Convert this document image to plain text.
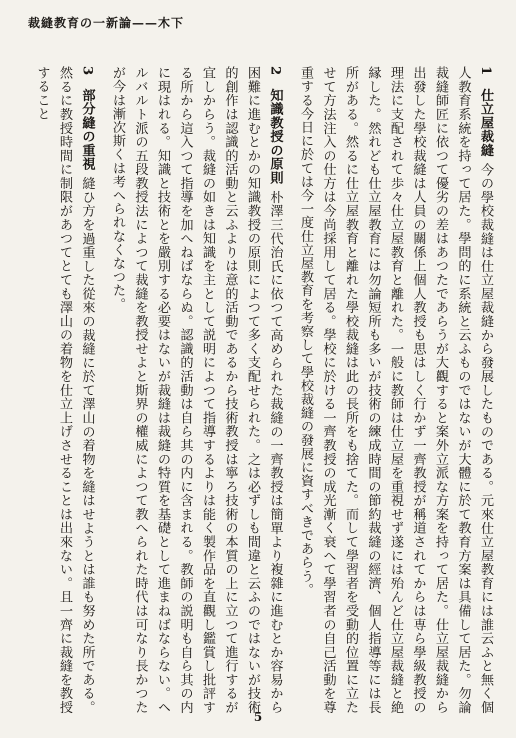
裁縫教育の一新論——木下
1仕立屋裁縫今の學校裁縫は仕立屋裁縫から發展したものである。元來仕立屋教育には誰云ふと無く個人教育系統を持って居た。學問的に系統と云ふものではないが大體に於て教育方案は具備して居た。勿論裁縫師匠に依つて優劣の差はあつたであらうが大觀すると案外立派な方案を持って居た。仕立屋裁縫から出發した學校裁縫は人員の關係上個人教授も思はしく行かず一齊教授が稱道されてからは専ら學級教授の理法に支配されて歩々仕立屋教育と離れた。一般に教師は仕立屋を重視せず遂には殆んど仕立屋裁縫と絶縁した。然れども仕立屋教育には勿論短所も多いが技術の練成時間の節約裁縫の經濟、個人指導等には長所がある。然るに仕立屋教育と離れた學校裁縫は此の長所をも捨てた。而して學習者を受動的位置に立たせて方法注入の仕方は今尚採用して居る。學校に於ける一齊教授の成光漸く衰へて學習者の自己活動を尊重する今日に於ては今一度仕立屋教育を考察して學校裁縫の發展に資すべきであらう。
2知識教授の原則朴澤三代治氏に依つて高められた裁縫の一齊教授は簡單より複雜に進むとか容易から困難に進むとかの知識教授の原則によつて多く支配せられた。之は必ずしも間違と云ふのではないが技術的創作は認識的活動と云ふよりは意的活動であるから技術教授は寧ろ技術の本質の上に立つて進行するが宜しからう。裁縫の如きは知識を主として説明によつて指導するよりは能く製作品を直觀し鑑賞し批評する所から這入つて指導を加へねばならぬ。認識的活動は自ら其の内に含まれる。教師の説明も自ら其の内に現はれる。知識と技術とを嚴別する必要はないが裁縫は裁縫の特質を基礎として進まねばならない。ヘルバルト派の五段教授法によつて裁縫を教授せよと斯界の權威によつて教へられた時代は可なり長かつたが今は漸次斯くは考へられなくなつた。
3部分縫の重視縫ひ方を過重した從來の裁縫に於て澤山の着物を縫はせようとは誰も努めた所である。然るに教授時間に制限があつてとても澤山の着物を仕立上げさせることは出來ない。且一齊に裁縫を教授すること
5
